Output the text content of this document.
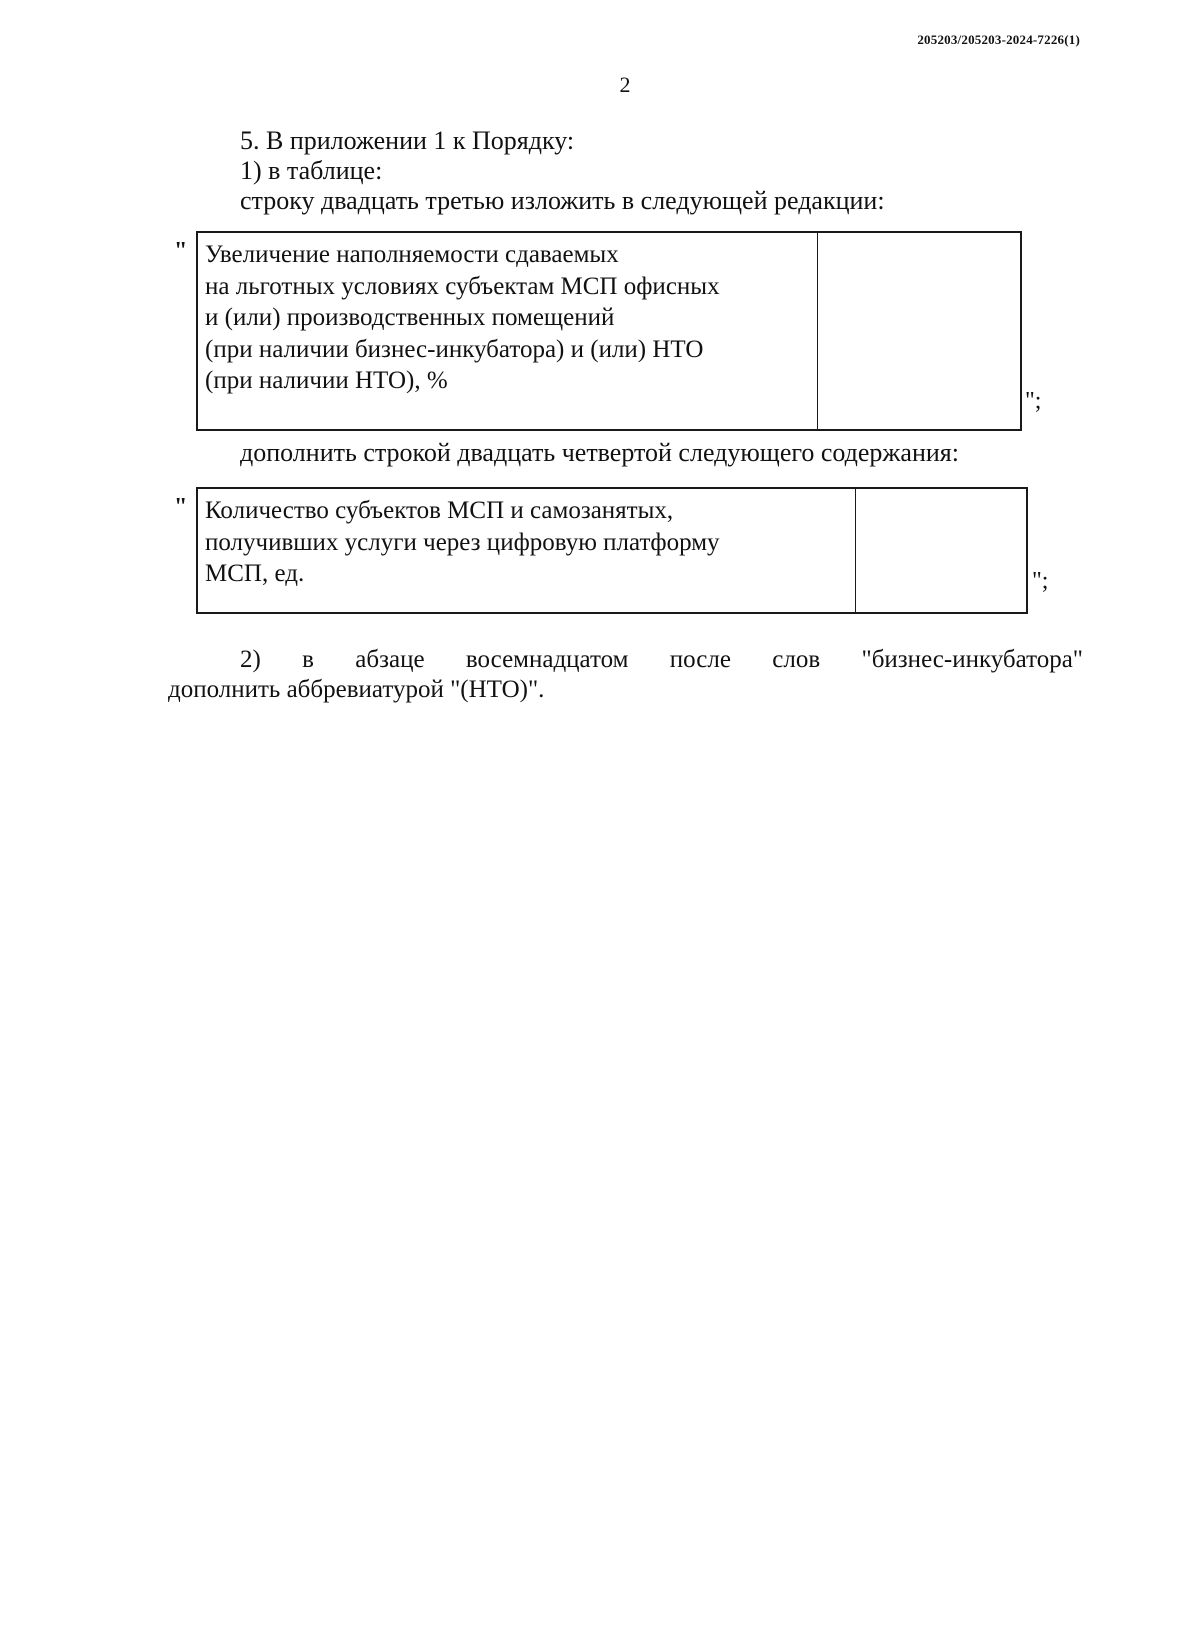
205203/205203-2024-7226(1)
2
5. В приложении 1 к Порядку:
1) в таблице:
строку двадцать третью изложить в следующей редакции:
" Увеличение наполняемости сдаваемых
на льготных условиях субъектам МСП офисных
и (или) производственных помещений
(при наличии бизнес-инкубатора) и (или) НТО
(при наличии НТО), %
";
дополнить строкой двадцать четвертой следующего содержания:
" Количество субъектов МСП и самозанятых,
получивших услуги через цифровую платформу
МСП, ед.	";
2) в абзаце восемнадцатом после слов "бизнес-инкубатора"
дополнить аббревиатурой "(НТО)".
